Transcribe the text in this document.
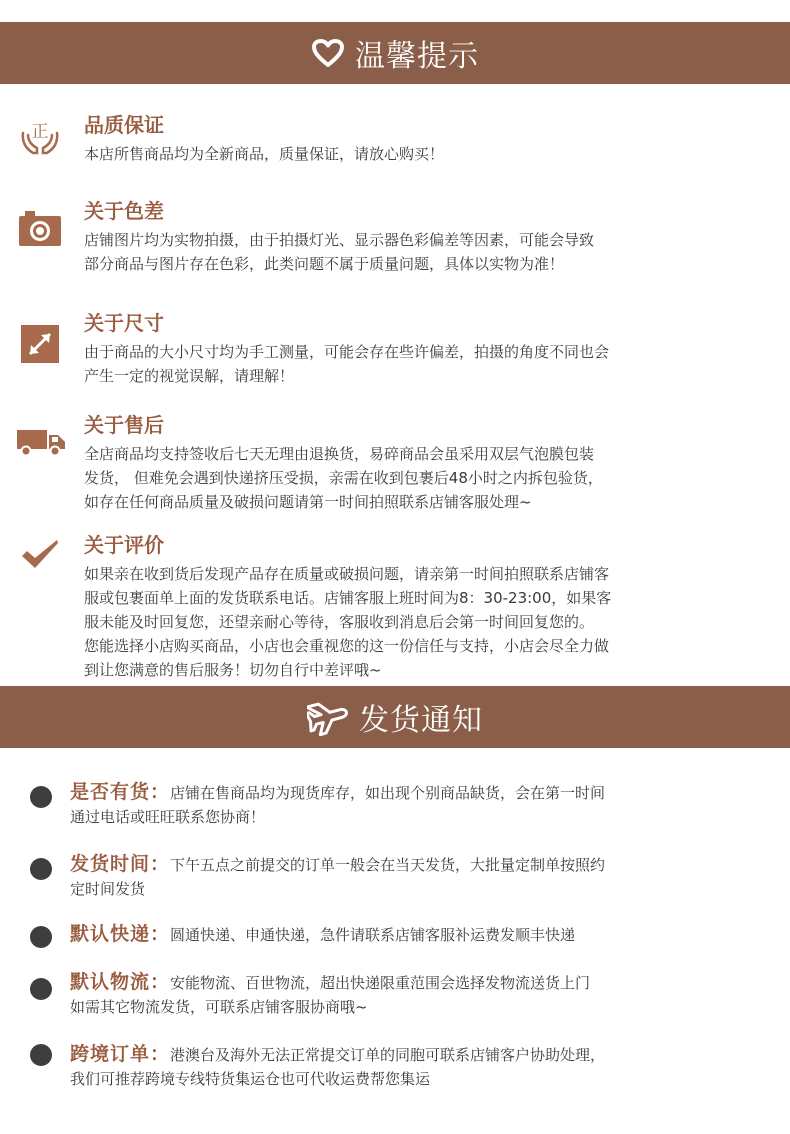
温馨提示
正 品质保证
本店所售商品均为全新商品，质量保证，请放心购买！
关于色差
店铺图片均为实物拍摄，由于拍摄灯光、显示器色彩偏差等因素，可能会导致
部分商品与图片存在色彩，此类问题不属于质量问题，具体以实物为准！
关于尺寸
由于商品的大小尺寸均为手工测量，可能会存在些许偏差，拍摄的角度不同也会
产生一定的视觉误解，请理解！
关于售后
全店商品均支持签收后七天无理由退换货，易碎商品会虽采用双层气泡膜包装
发货， 但难免会遇到快递挤压受损，亲需在收到包裹后48小时之内拆包验货，
如存在任何商品质量及破损问题请第一时间拍照联系店铺客服处理~
关于评价
如果亲在收到货后发现产品存在质量或破损问题，请亲第一时间拍照联系店铺客
服或包裹面单上面的发货联系电话。店铺客服上班时间为8：30-23:00，如果客
服未能及时回复您，还望亲耐心等待，客服收到消息后会第一时间回复您的。
您能选择小店购买商品，小店也会重视您的这一份信任与支持，小店会尽全力做
到让您满意的售后服务！切勿自行中差评哦~
发货通知
是否有货：店铺在售商品均为现货库存，如出现个别商品缺货，会在第一时间
通过电话或旺旺联系您协商！
发货时间：下午五点之前提交的订单一般会在当天发货，大批量定制单按照约
定时间发货
默认快递：圆通快递、申通快递，急件请联系店铺客服补运费发顺丰快递
默认物流：安能物流、百世物流，超出快递限重范围会选择发物流送货上门
如需其它物流发货，可联系店铺客服协商哦~
跨境订单：港澳台及海外无法正常提交订单的同胞可联系店铺客户协助处理，
我们可推荐跨境专线特货集运仓也可代收运费帮您集运
